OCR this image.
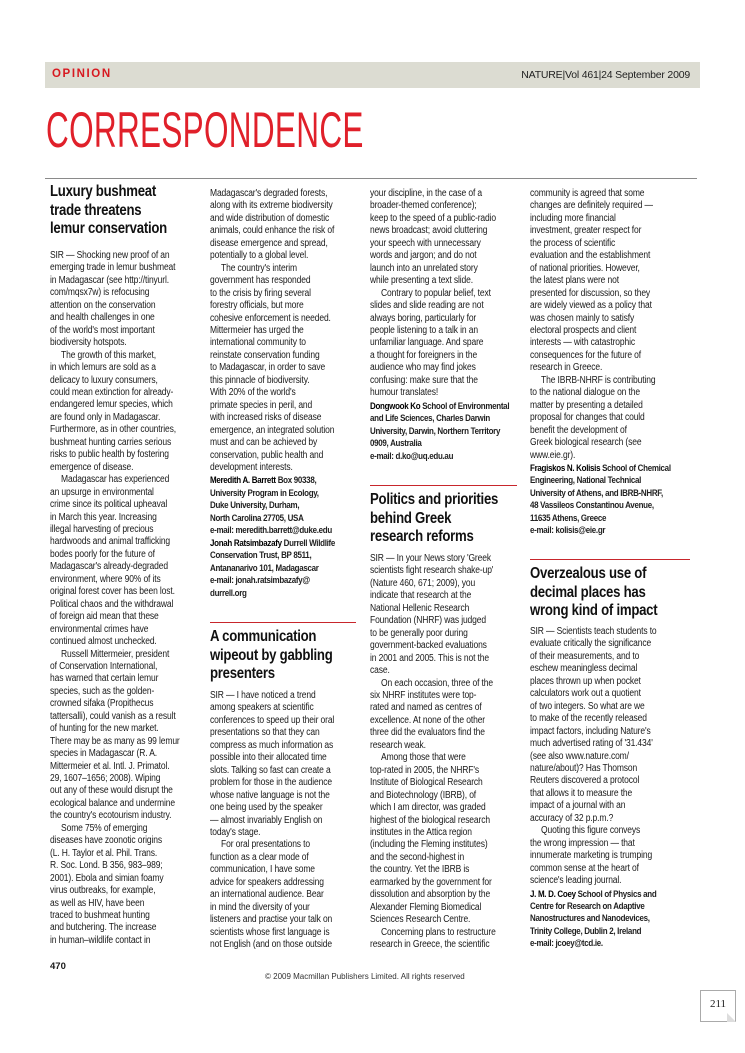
OPINION	NATURE|Vol 461|24 September 2009
CORRESPONDENCE
Luxury bushmeat
trade threatens
lemur conservation

SIR — Shocking new proof of an
emerging trade in lemur bushmeat
in Madagascar (see http://tinyurl.
com/mqsx7w) is refocusing
attention on the conservation
and health challenges in one
of the world's most important
biodiversity hotspots.

The growth of this market,
in which lemurs are sold as a
delicacy to luxury consumers,
could mean extinction for already-
endangered lemur species, which
are found only in Madagascar.
Furthermore, as in other countries,
bushmeat hunting carries serious
risks to public health by fostering
emergence of disease.

Madagascar has experienced
an upsurge in environmental
crime since its political upheaval
in March this year. Increasing
illegal harvesting of precious
hardwoods and animal trafficking
bodes poorly for the future of
Madagascar's already-degraded
environment, where 90% of its
original forest cover has been lost.
Political chaos and the withdrawal
of foreign aid mean that these
environmental crimes have
continued almost unchecked.

Russell Mittermeier, president
of Conservation International,
has warned that certain lemur
species, such as the golden-
crowned sifaka (Propithecus
tattersalli), could vanish as a result
of hunting for the new market.
There may be as many as 99 lemur
species in Madagascar (R. A.
Mittermeier et al. Intl. J. Primatol.
29, 1607–1656; 2008). Wiping
out any of these would disrupt the
ecological balance and undermine
the country's ecotourism industry.

Some 75% of emerging
diseases have zoonotic origins
(L. H. Taylor et al. Phil. Trans.
R. Soc. Lond. B 356, 983–989;
2001). Ebola and simian foamy
virus outbreaks, for example,
as well as HIV, have been
traced to bushmeat hunting
and butchering. The increase
in human–wildlife contact in

Madagascar's degraded forests,
along with its extreme biodiversity
and wide distribution of domestic
animals, could enhance the risk of
disease emergence and spread,
potentially to a global level.

The country's interim
government has responded
to the crisis by firing several
forestry officials, but more
cohesive enforcement is needed.
Mittermeier has urged the
international community to
reinstate conservation funding
to Madagascar, in order to save
this pinnacle of biodiversity.
With 20% of the world's
primate species in peril, and
with increased risks of disease
emergence, an integrated solution
must and can be achieved by
conservation, public health and
development interests.

Meredith A. Barrett Box 90338,
University Program in Ecology,
Duke University, Durham,
North Carolina 27705, USA
e-mail: meredith.barrett@duke.edu
Jonah Ratsimbazafy Durrell Wildlife
Conservation Trust, BP 8511,
Antananarivo 101, Madagascar
e-mail: jonah.ratsimbazafy@
durrell.org
A communication
wipeout by gabbling
presenters

SIR — I have noticed a trend
among speakers at scientific
conferences to speed up their oral
presentations so that they can
compress as much information as
possible into their allocated time
slots. Talking so fast can create a
problem for those in the audience
whose native language is not the
one being used by the speaker
— almost invariably English on
today's stage.

For oral presentations to
function as a clear mode of
communication, I have some
advice for speakers addressing
an international audience. Bear
in mind the diversity of your
listeners and practise your talk on
scientists whose first language is
not English (and on those outside

your discipline, in the case of a
broader-themed conference);
keep to the speed of a public-radio
news broadcast; avoid cluttering
your speech with unnecessary
words and jargon; and do not
launch into an unrelated story
while presenting a text slide.

Contrary to popular belief, text
slides and slide reading are not
always boring, particularly for
people listening to a talk in an
unfamiliar language. And spare
a thought for foreigners in the
audience who may find jokes
confusing: make sure that the
humour translates!

Dongwook Ko School of Environmental
and Life Sciences, Charles Darwin
University, Darwin, Northern Territory
0909, Australia
e-mail: d.ko@uq.edu.au
Politics and priorities
behind Greek
research reforms

SIR — In your News story 'Greek
scientists fight research shake-up'
(Nature 460, 671; 2009), you
indicate that research at the
National Hellenic Research
Foundation (NHRF) was judged
to be generally poor during
government-backed evaluations
in 2001 and 2005. This is not the
case.

On each occasion, three of the
six NHRF institutes were top-
rated and named as centres of
excellence. At none of the other
three did the evaluators find the
research weak.

Among those that were
top-rated in 2005, the NHRF's
Institute of Biological Research
and Biotechnology (IBRB), of
which I am director, was graded
highest of the biological research
institutes in the Attica region
(including the Fleming institutes)
and the second-highest in
the country. Yet the IBRB is
earmarked by the government for
dissolution and absorption by the
Alexander Fleming Biomedical
Sciences Research Centre.

Concerning plans to restructure
research in Greece, the scientific

community is agreed that some
changes are definitely required —
including more financial
investment, greater respect for
the process of scientific
evaluation and the establishment
of national priorities. However,
the latest plans were not
presented for discussion, so they
are widely viewed as a policy that
was chosen mainly to satisfy
electoral prospects and client
interests — with catastrophic
consequences for the future of
research in Greece.

The IBRB-NHRF is contributing
to the national dialogue on the
matter by presenting a detailed
proposal for changes that could
benefit the development of
Greek biological research (see
www.eie.gr).

Fragiskos N. Kolisis School of Chemical
Engineering, National Technical
University of Athens, and IBRB-NHRF,
48 Vassileos Constantinou Avenue,
11635 Athens, Greece
e-mail: kolisis@eie.gr
Overzealous use of
decimal places has
wrong kind of impact

SIR — Scientists teach students to
evaluate critically the significance
of their measurements, and to
eschew meaningless decimal
places thrown up when pocket
calculators work out a quotient
of two integers. So what are we
to make of the recently released
impact factors, including Nature's
much advertised rating of '31.434'
(see also www.nature.com/
nature/about)? Has Thomson
Reuters discovered a protocol
that allows it to measure the
impact of a journal with an
accuracy of 32 p.p.m.?

Quoting this figure conveys
the wrong impression — that
innumerate marketing is trumping
common sense at the heart of
science's leading journal.

J. M. D. Coey School of Physics and
Centre for Research on Adaptive
Nanostructures and Nanodevices,
Trinity College, Dublin 2, Ireland
e-mail: jcoey@tcd.ie.
470
© 2009 Macmillan Publishers Limited. All rights reserved
211
